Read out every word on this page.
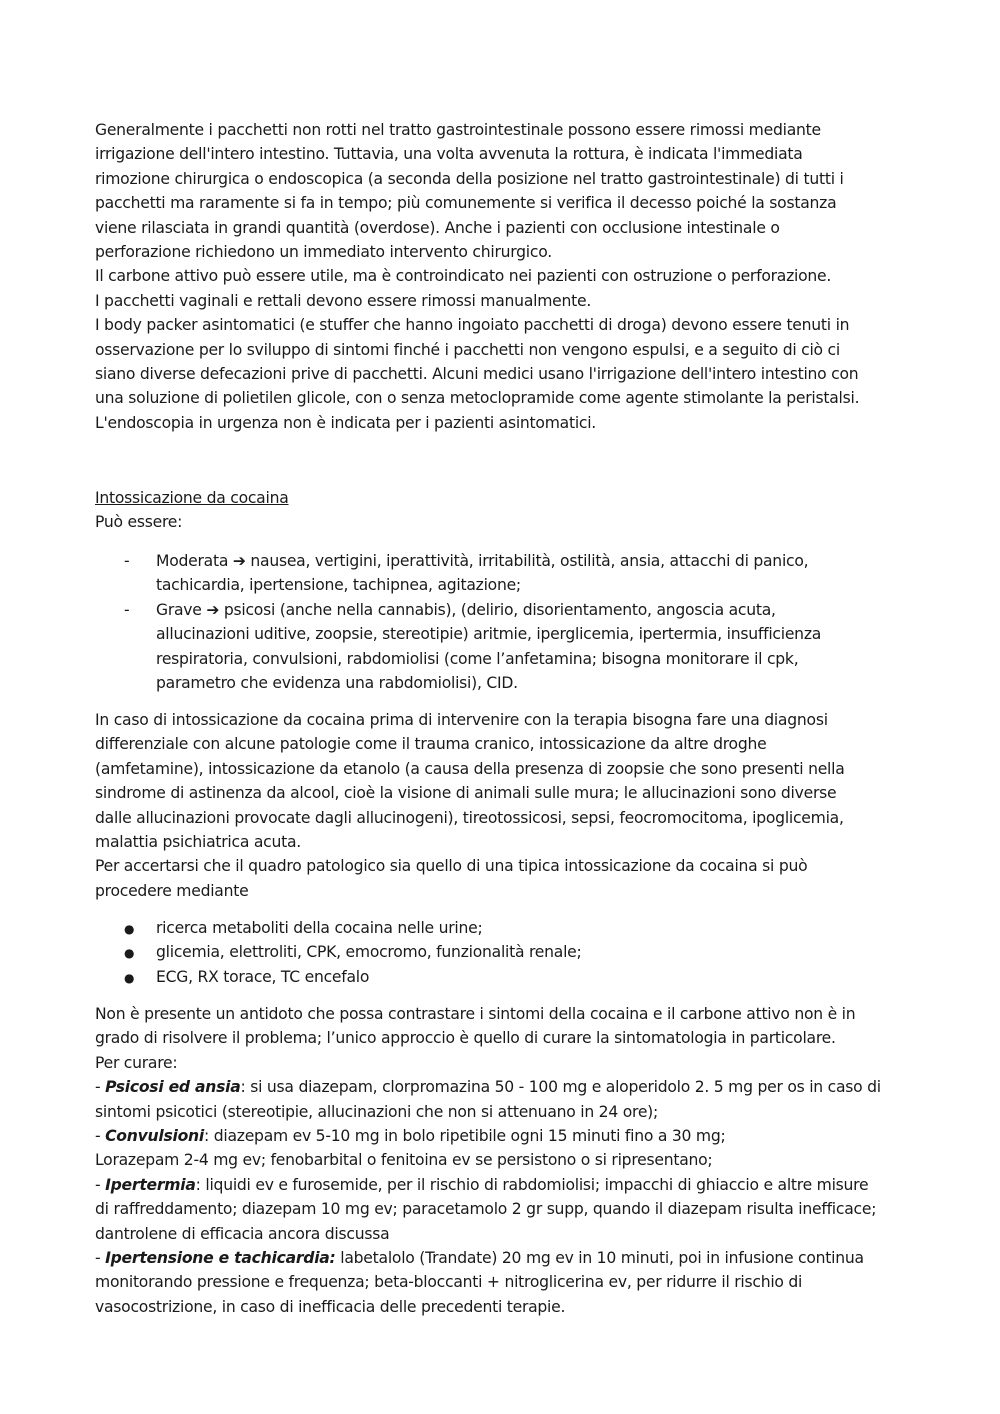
Generalmente i pacchetti non rotti nel tratto gastrointestinale possono essere rimossi mediante
irrigazione dell'intero intestino. Tuttavia, una volta avvenuta la rottura, è indicata l'immediata
rimozione chirurgica o endoscopica (a seconda della posizione nel tratto gastrointestinale) di tutti i
pacchetti ma raramente si fa in tempo; più comunemente si verifica il decesso poiché la sostanza
viene rilasciata in grandi quantità (overdose). Anche i pazienti con occlusione intestinale o
perforazione richiedono un immediato intervento chirurgico.
Il carbone attivo può essere utile, ma è controindicato nei pazienti con ostruzione o perforazione.
I pacchetti vaginali e rettali devono essere rimossi manualmente.
I body packer asintomatici (e stuffer che hanno ingoiato pacchetti di droga) devono essere tenuti in
osservazione per lo sviluppo di sintomi finché i pacchetti non vengono espulsi, e a seguito di ciò ci
siano diverse defecazioni prive di pacchetti. Alcuni medici usano l'irrigazione dell'intero intestino con
una soluzione di polietilen glicole, con o senza metoclopramide come agente stimolante la peristalsi.
L'endoscopia in urgenza non è indicata per i pazienti asintomatici.
Intossicazione da cocaina
Può essere:
-	Moderata ➔ nausea, vertigini, iperattività, irritabilità, ostilità, ansia, attacchi di panico,
tachicardia, ipertensione, tachipnea, agitazione;
-	Grave ➔ psicosi (anche nella cannabis), (delirio, disorientamento, angoscia acuta,
allucinazioni uditive, zoopsie, stereotipie) aritmie, iperglicemia, ipertermia, insufficienza
respiratoria, convulsioni, rabdomiolisi (come l’anfetamina; bisogna monitorare il cpk,
parametro che evidenza una rabdomiolisi), CID.
In caso di intossicazione da cocaina prima di intervenire con la terapia bisogna fare una diagnosi
differenziale con alcune patologie come il trauma cranico, intossicazione da altre droghe
(amfetamine), intossicazione da etanolo (a causa della presenza di zoopsie che sono presenti nella
sindrome di astinenza da alcool, cioè la visione di animali sulle mura; le allucinazioni sono diverse
dalle allucinazioni provocate dagli allucinogeni), tireotossicosi, sepsi, feocromocitoma, ipoglicemia,
malattia psichiatrica acuta.
Per accertarsi che il quadro patologico sia quello di una tipica intossicazione da cocaina si può
procedere mediante
●	ricerca metaboliti della cocaina nelle urine;
●	glicemia, elettroliti, CPK, emocromo, funzionalità renale;
●	ECG, RX torace, TC encefalo
Non è presente un antidoto che possa contrastare i sintomi della cocaina e il carbone attivo non è in
grado di risolvere il problema; l’unico approccio è quello di curare la sintomatologia in particolare.
Per curare:
- Psicosi ed ansia: si usa diazepam, clorpromazina 50 - 100 mg e aloperidolo 2. 5 mg per os in caso di
sintomi psicotici (stereotipie, allucinazioni che non si attenuano in 24 ore);
- Convulsioni: diazepam ev 5-10 mg in bolo ripetibile ogni 15 minuti fino a 30 mg;
Lorazepam 2-4 mg ev; fenobarbital o fenitoina ev se persistono o si ripresentano;
- Ipertermia: liquidi ev e furosemide, per il rischio di rabdomiolisi; impacchi di ghiaccio e altre misure
di raffreddamento; diazepam 10 mg ev; paracetamolo 2 gr supp, quando il diazepam risulta inefficace;
dantrolene di efficacia ancora discussa
- Ipertensione e tachicardia: labetalolo (Trandate) 20 mg ev in 10 minuti, poi in infusione continua
monitorando pressione e frequenza; beta-bloccanti + nitroglicerina ev, per ridurre il rischio di
vasocostrizione, in caso di inefficacia delle precedenti terapie.
